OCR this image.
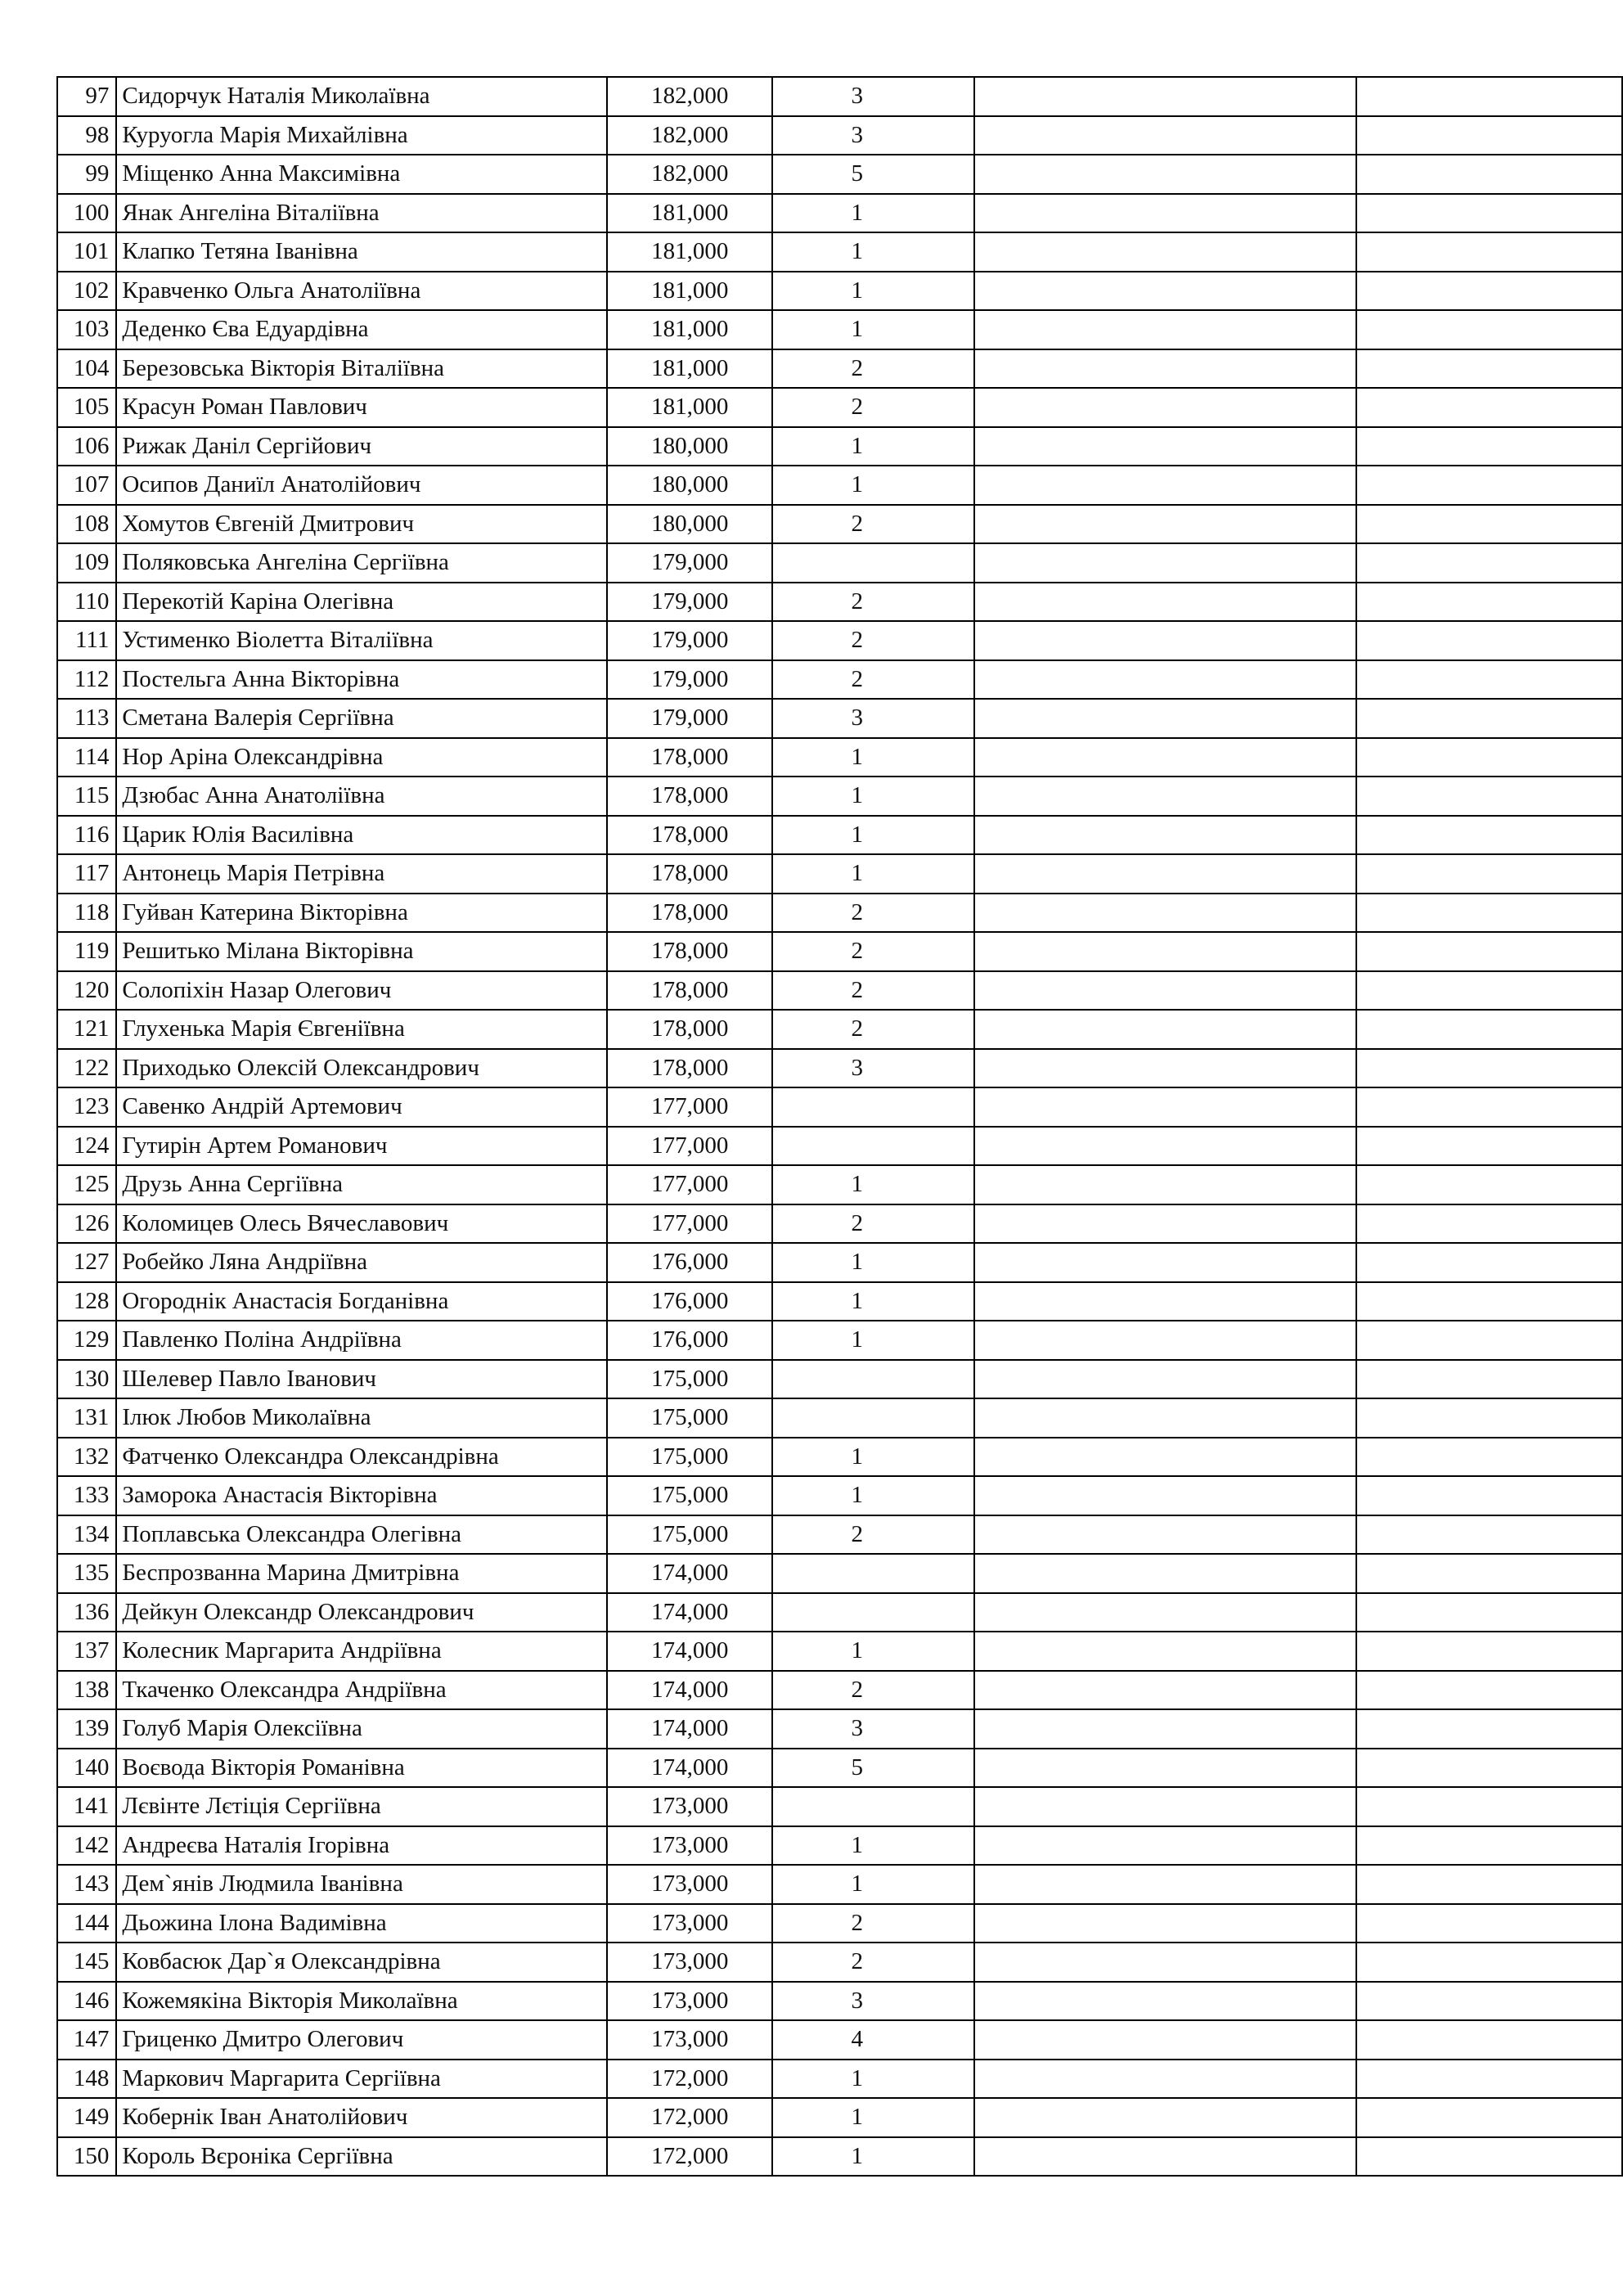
97	Сидорчук Наталія Миколаївна	182,000	3		
98	Куруогла Марія Михайлівна	182,000	3		
99	Міщенко Анна Максимівна	182,000	5		
100	Янак Ангеліна Віталіївна	181,000	1		
101	Клапко Тетяна Іванівна	181,000	1		
102	Кравченко Ольга Анатоліївна	181,000	1		
103	Деденко Єва Едуардівна	181,000	1		
104	Березовська Вікторія Віталіївна	181,000	2		
105	Красун Роман Павлович	181,000	2		
106	Рижак Даніл Сергійович	180,000	1		
107	Осипов Даниїл Анатолійович	180,000	1		
108	Хомутов Євгеній Дмитрович	180,000	2		
109	Поляковська Ангеліна Сергіївна	179,000			
110	Перекотій Каріна Олегівна	179,000	2		
111	Устименко Віолетта Віталіївна	179,000	2		
112	Постельга Анна Вікторівна	179,000	2		
113	Сметана Валерія Сергіївна	179,000	3		
114	Нор Аріна Олександрівна	178,000	1		
115	Дзюбас Анна Анатоліївна	178,000	1		
116	Царик Юлія Василівна	178,000	1		
117	Антонець Марія Петрівна	178,000	1		
118	Гуйван Катерина Вікторівна	178,000	2		
119	Решитько Мілана Вікторівна	178,000	2		
120	Солопіхін Назар Олегович	178,000	2		
121	Глухенька Марія Євгеніївна	178,000	2		
122	Приходько Олексій Олександрович	178,000	3		
123	Савенко Андрій Артемович	177,000			
124	Гутирін Артем Романович	177,000			
125	Друзь Анна Сергіївна	177,000	1		
126	Коломицев Олесь Вячеславович	177,000	2		
127	Робейко Ляна Андріївна	176,000	1		
128	Огороднік Анастасія Богданівна	176,000	1		
129	Павленко Поліна Андріївна	176,000	1		
130	Шелевер Павло Іванович	175,000			
131	Ілюк Любов Миколаївна	175,000			
132	Фатченко Олександра Олександрівна	175,000	1		
133	Заморока Анастасія Вікторівна	175,000	1		
134	Поплавська Олександра Олегівна	175,000	2		
135	Беспрозванна Марина Дмитрівна	174,000			
136	Дейкун Олександр Олександрович	174,000			
137	Колесник Маргарита Андріївна	174,000	1		
138	Ткаченко Олександра Андріївна	174,000	2		
139	Голуб Марія Олексіївна	174,000	3		
140	Воєвода Вікторія Романівна	174,000	5		
141	Лєвінте Лєтіція Сергіївна	173,000			
142	Андреєва Наталія Ігорівна	173,000	1		
143	Дем`янів Людмила Іванівна	173,000	1		
144	Дьожина Ілона Вадимівна	173,000	2		
145	Ковбасюк Дар`я Олександрівна	173,000	2		
146	Кожемякіна Вікторія Миколаївна	173,000	3		
147	Гриценко Дмитро Олегович	173,000	4		
148	Маркович Маргарита Сергіївна	172,000	1		
149	Кобернік Іван Анатолійович	172,000	1		
150	Король Вєроніка Сергіївна	172,000	1		
